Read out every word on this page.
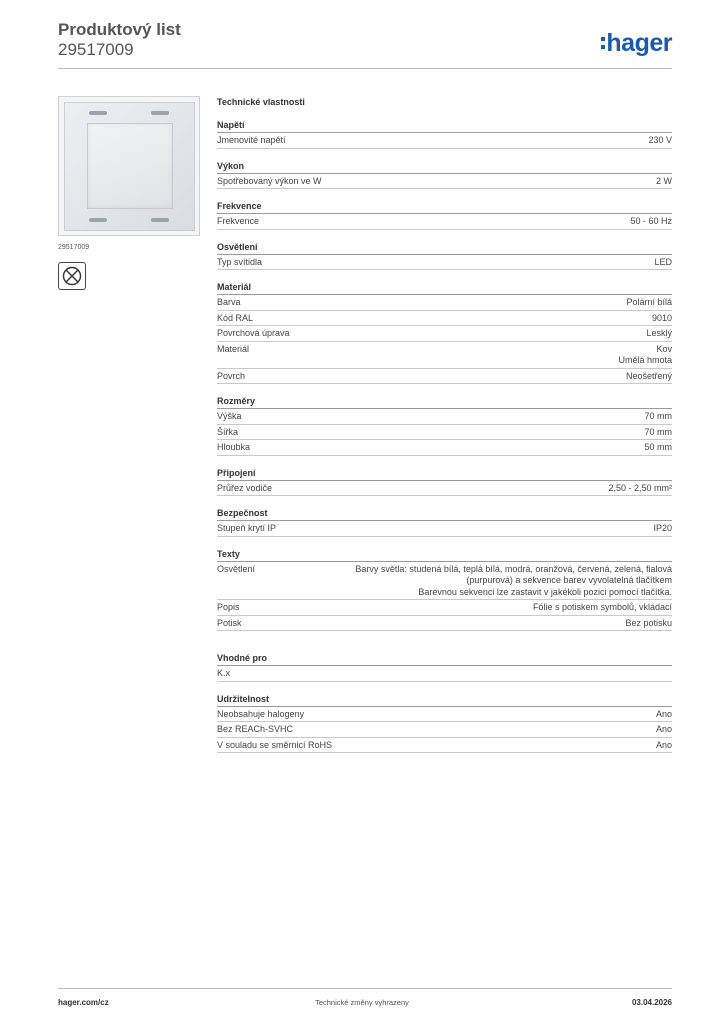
Produktový list
29517009	hager
29517009
Technické vlastnosti
Napětí
Jmenovité napětí	230 V
Výkon
Spotřebovaný výkon ve W	2 W
Frekvence
Frekvence	50 - 60 Hz
Osvětlení
Typ svítidla	LED
Materiál
Barva	Polární bílá
Kód RAL	9010
Povrchová úprava	Lesklý
Materiál	Kov
Umělá hmota
Povrch	Neošetřený
Rozměry
Výška	70 mm
Šířka	70 mm
Hloubka	50 mm
Připojení
Průřez vodiče	2,50 - 2,50 mm²
Bezpečnost
Stupeň krytí IP	IP20
Texty
Osvětlení	Barvy světla: studená bílá, teplá bílá, modrá, oranžová, červená, zelená, fialová
(purpurová) a sekvence barev vyvolatelná tlačítkem
Barevnou sekvenci lze zastavit v jakékoli pozici pomocí tlačítka.
Popis	Fólie s potiskem symbolů, vkládací
Potisk	Bez potisku
Vhodné pro
K.x
Udržitelnost
Neobsahuje halogeny	Ano
Bez REACh-SVHC	Ano
V souladu se směrnicí RoHS	Ano
hager.com/cz	Technické změny vyhrazeny	03.04.2026
